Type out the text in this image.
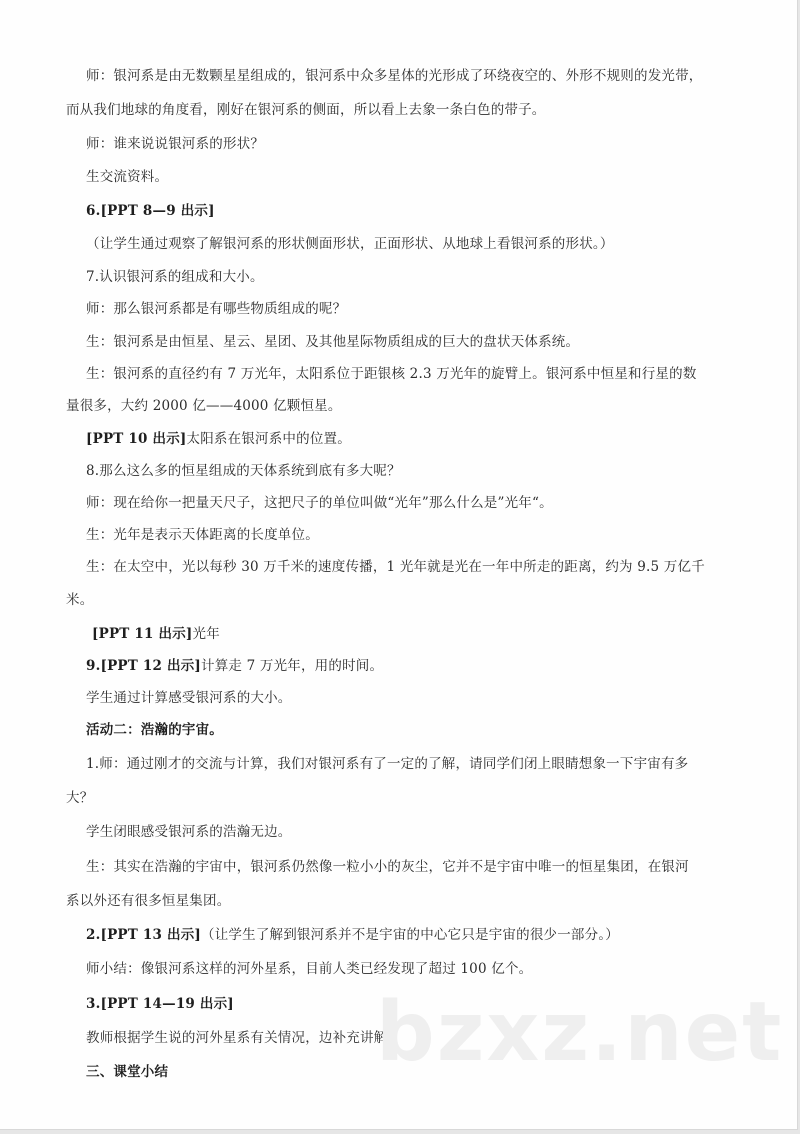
师：银河系是由无数颗星星组成的，银河系中众多星体的光形成了环绕夜空的、外形不规则的发光带，
而从我们地球的角度看，刚好在银河系的侧面，所以看上去象一条白色的带子。
师：谁来说说银河系的形状？
生交流资料。
6.[PPT 8—9 出示]
（让学生通过观察了解银河系的形状侧面形状，正面形状、从地球上看银河系的形状。）
7.认识银河系的组成和大小。
师：那么银河系都是有哪些物质组成的呢？
生：银河系是由恒星、星云、星团、及其他星际物质组成的巨大的盘状天体系统。
生：银河系的直径约有 7 万光年，太阳系位于距银核 2.3 万光年的旋臂上。银河系中恒星和行星的数
量很多，大约 2000 亿——4000 亿颗恒星。
[PPT 10 出示]太阳系在银河系中的位置。
8.那么这么多的恒星组成的天体系统到底有多大呢？
师：现在给你一把量天尺子，这把尺子的单位叫做“光年”那么什么是”光年“。
生：光年是表示天体距离的长度单位。
生：在太空中，光以每秒 30 万千米的速度传播，1 光年就是光在一年中所走的距离，约为 9.5 万亿千
米。
[PPT 11 出示]光年
9.[PPT 12 出示]计算走 7 万光年，用的时间。
学生通过计算感受银河系的大小。
活动二：浩瀚的宇宙。
1.师：通过刚才的交流与计算，我们对银河系有了一定的了解，请同学们闭上眼睛想象一下宇宙有多
大？
学生闭眼感受银河系的浩瀚无边。
生：其实在浩瀚的宇宙中，银河系仍然像一粒小小的灰尘，它并不是宇宙中唯一的恒星集团，在银河
系以外还有很多恒星集团。
2.[PPT 13 出示]（让学生了解到银河系并不是宇宙的中心它只是宇宙的很少一部分。）
师小结：像银河系这样的河外星系，目前人类已经发现了超过 100 亿个。
3.[PPT 14—19 出示]
教师根据学生说的河外星系有关情况，边补充讲解。
三、课堂小结	bzxz.net
